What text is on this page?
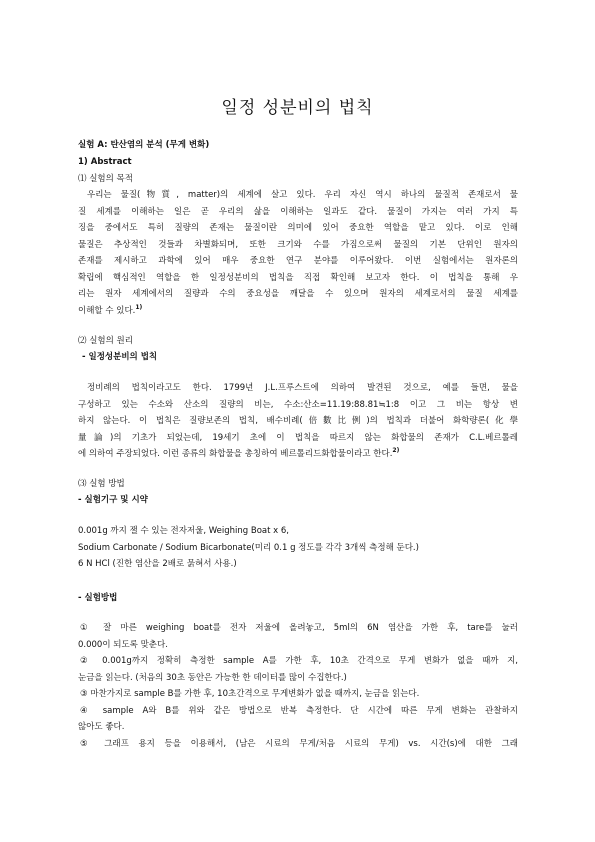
일정 성분비의 법칙
실험 A: 탄산염의 분석 (무게 변화)
1) Abstract
⑴ 실험의 목적
우리는 물질(物質, matter)의 세계에 살고 있다. 우리 자신 역시 하나의 물질적 존재로서 물
질 세계를 이해하는 일은 곧 우리의 삶을 이해하는 일과도 같다. 물질이 가지는 여러 가지 특
징을 중에서도 특히 질량의 존재는 물질이란 의미에 있어 중요한 역할을 맡고 있다. 이로 인해
물질은 추상적인 것들과 차별화되며, 또한 크기와 수를 가짐으로써 물질의 기본 단위인 원자의
존재를 제시하고 과학에 있어 매우 중요한 연구 분야를 이루어왔다. 이번 실험에서는 원자론의
확립에 핵심적인 역할을 한 일정성분비의 법칙을 직접 확인해 보고자 한다. 이 법칙을 통해 우
리는 원자 세계에서의 질량과 수의 중요성을 깨달을 수 있으며 원자의 세계로서의 물질 세계를
이해할 수 있다.$^{1)}$
⑵ 실험의 원리
- 일정성분비의 법칙
정비례의 법칙이라고도 한다. 1799년 J.L.프루스트에 의하여 발견된 것으로, 예를 들면, 물을
구성하고 있는 수소와 산소의 질량의 비는, 수소:산소=11.19:88.81≒1:8 이고 그 비는 항상 변
하지 않는다. 이 법칙은 질량보존의 법칙, 배수비례(倍數比例)의 법칙과 더불어 화학량론(化學
量論)의 기초가 되었는데, 19세기 초에 이 법칙을 따르지 않는 화합물의 존재가 C.L.베르톨레
에 의하여 주장되었다. 이런 종류의 화합물을 총칭하여 베르톨리드화합물이라고 한다.$^{2)}$
⑶ 실험 방법
- 실험기구 및 시약
0.001g 까지 잴 수 있는 전자저울, Weighing Boat x 6,
Sodium Carbonate / Sodium Bicarbonate(미리 0.1 g 정도를 각각 3개씩 측정해 둔다.)
6 N HCl (진한 염산을 2배로 묽혀서 사용.)
- 실험방법
① 잘 마른 weighing boat를 전자 저울에 올려놓고, 5ml의 6N 염산을 가한 후, tare를 눌러
0.000이 되도록 맞춘다.
② 0.001g까지 정확히 측정한 sample A를 가한 후, 10초 간격으로 무게 변화가 없을 때까 지,
눈금을 읽는다. (처음의 30초 동안은 가능한 한 데이터를 많이 수집한다.)
③ 마찬가지로 sample B를 가한 후, 10초간격으로 무게변화가 없을 때까지, 눈금을 읽는다.
④ sample A와 B를 위와 같은 방법으로 반복 측정한다. 단 시간에 따른 무게 변화는 관찰하지
않아도 좋다.
⑤ 그래프 용지 등을 이용해서, (남은 시료의 무게/처음 시료의 무게) vs. 시간(s)에 대한 그래
